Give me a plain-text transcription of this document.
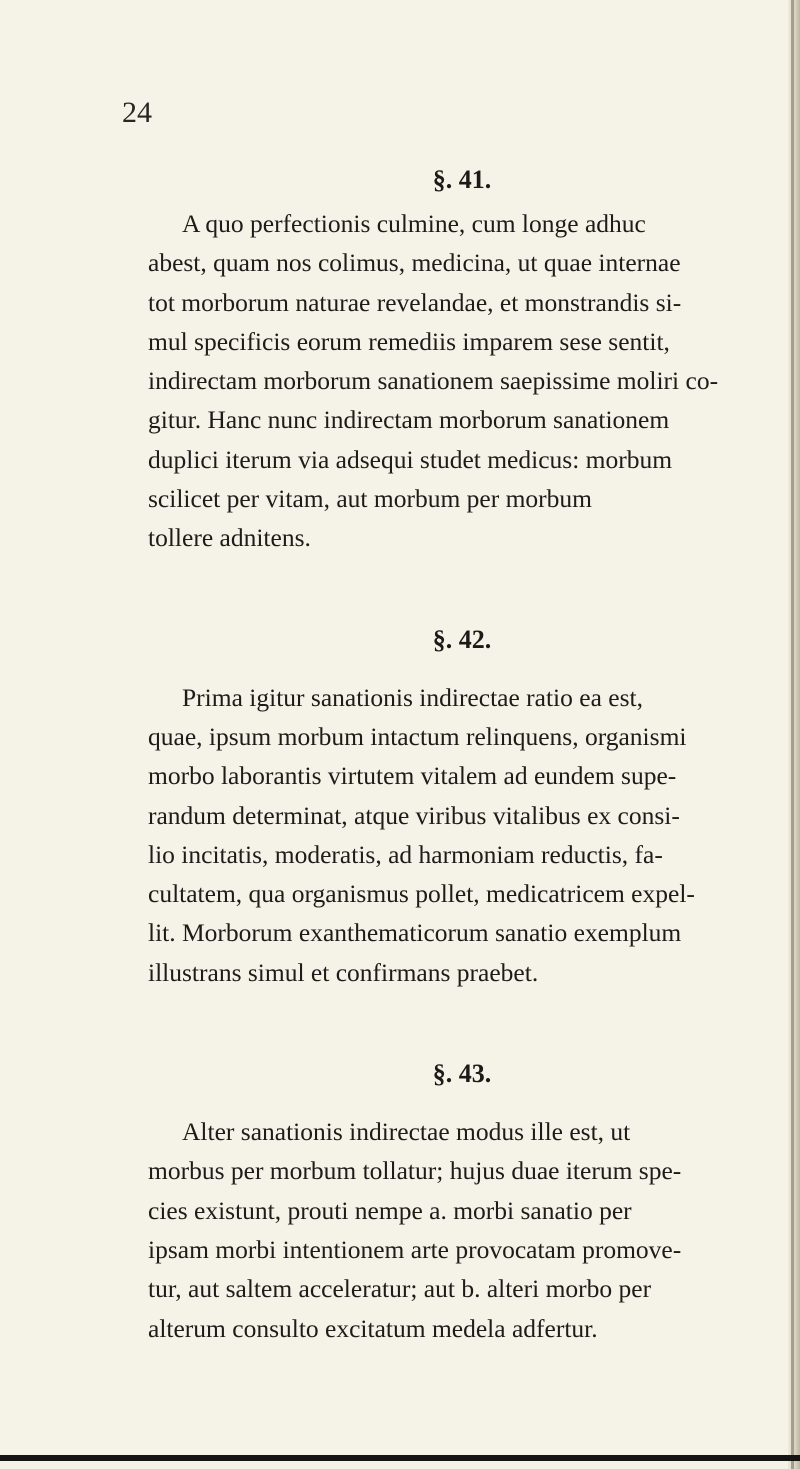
24
§. 41.
A quo perfectionis culmine, cum longe adhuc
abest, quam nos colimus, medicina, ut quae internae
tot morborum naturae revelandae, et monstrandis si-
mul specificis eorum remediis imparem sese sentit,
indirectam morborum sanationem saepissime moliri co-
gitur. Hanc nunc indirectam morborum sanationem
duplici iterum via adsequi studet medicus: morbum
scilicet per vitam, aut morbum per morbum
tollere adnitens.
§. 42.
Prima igitur sanationis indirectae ratio ea est,
quae, ipsum morbum intactum relinquens, organismi
morbo laborantis virtutem vitalem ad eundem supe-
randum determinat, atque viribus vitalibus ex consi-
lio incitatis, moderatis, ad harmoniam reductis, fa-
cultatem, qua organismus pollet, medicatricem expel-
lit. Morborum exanthematicorum sanatio exemplum
illustrans simul et confirmans praebet.
§. 43.
Alter sanationis indirectae modus ille est, ut
morbus per morbum tollatur; hujus duae iterum spe-
cies existunt, prouti nempe a. morbi sanatio per
ipsam morbi intentionem arte provocatam promove-
tur, aut saltem acceleratur; aut b. alteri morbo per
alterum consulto excitatum medela adfertur.
